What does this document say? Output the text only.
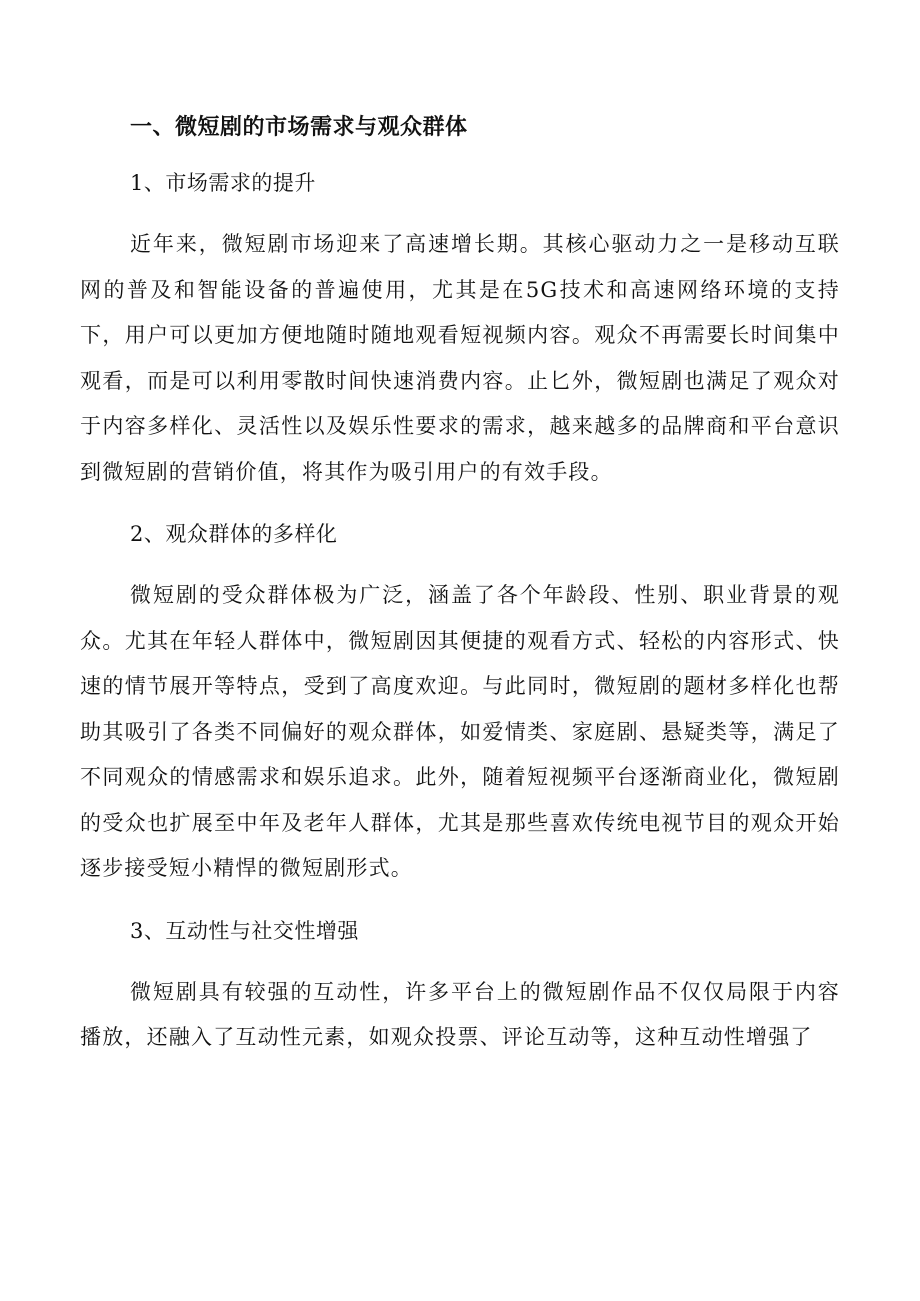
一、微短剧的市场需求与观众群体
1、市场需求的提升

近年来，微短剧市场迎来了高速增长期。其核心驱动力之一是移动互联网的普及和智能设备的普遍使用，尤其是在5G技术和高速网络环境的支持下，用户可以更加方便地随时随地观看短视频内容。观众不再需要长时间集中观看，而是可以利用零散时间快速消费内容。止匕外，微短剧也满足了观众对于内容多样化、灵活性以及娱乐性要求的需求，越来越多的品牌商和平台意识到微短剧的营销价值，将其作为吸引用户的有效手段。

2、观众群体的多样化

微短剧的受众群体极为广泛，涵盖了各个年龄段、性别、职业背景的观众。尤其在年轻人群体中，微短剧因其便捷的观看方式、轻松的内容形式、快速的情节展开等特点，受到了高度欢迎。与此同时，微短剧的题材多样化也帮助其吸引了各类不同偏好的观众群体，如爱情类、家庭剧、悬疑类等，满足了不同观众的情感需求和娱乐追求。此外，随着短视频平台逐渐商业化，微短剧的受众也扩展至中年及老年人群体，尤其是那些喜欢传统电视节目的观众开始逐步接受短小精悍的微短剧形式。

3、互动性与社交性增强

微短剧具有较强的互动性，许多平台上的微短剧作品不仅仅局限于内容播放，还融入了互动性元素，如观众投票、评论互动等，这种互动性增强了
